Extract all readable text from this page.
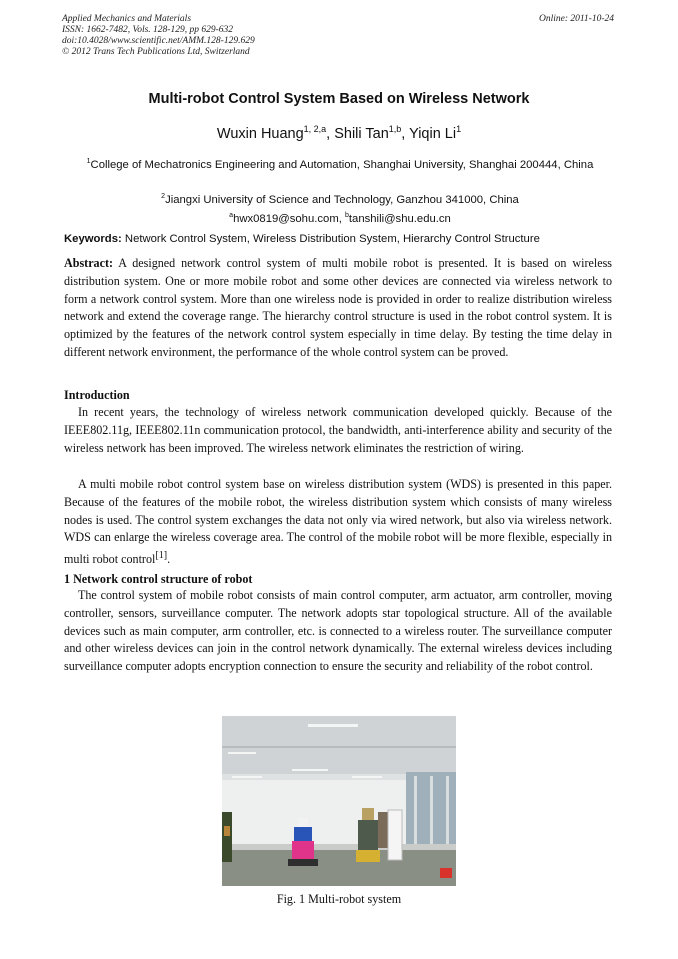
Applied Mechanics and Materials
ISSN: 1662-7482, Vols. 128-129, pp 629-632
doi:10.4028/www.scientific.net/AMM.128-129.629
© 2012 Trans Tech Publications Ltd, Switzerland
Online: 2011-10-24
Multi-robot Control System Based on Wireless Network
Wuxin Huang$^{1, 2,a}$, Shili Tan$^{1,b}$, Yiqin Li$^1$
$^1$College of Mechatronics Engineering and Automation, Shanghai University, Shanghai 200444, China
$^2$Jiangxi University of Science and Technology, Ganzhou 341000, China
$^a$hwx0819@sohu.com, $^b$tanshili@shu.edu.cn
Keywords: Network Control System, Wireless Distribution System, Hierarchy Control Structure

Abstract: A designed network control system of multi mobile robot is presented. It is based on wireless distribution system. One or more mobile robot and some other devices are connected via wireless network to form a network control system. More than one wireless node is provided in order to realize distribution wireless network and extend the coverage range. The hierarchy control structure is used in the robot control system. It is optimized by the features of the network control system especially in time delay. By testing the time delay in different network environment, the performance of the whole control system can be proved.

Introduction

In recent years, the technology of wireless network communication developed quickly. Because of the IEEE802.11g, IEEE802.11n communication protocol, the bandwidth, anti-interference ability and security of the wireless network has been improved. The wireless network eliminates the restriction of wiring.

A multi mobile robot control system base on wireless distribution system (WDS) is presented in this paper. Because of the features of the mobile robot, the wireless distribution system which consists of many wireless nodes is used. The control system exchanges the data not only via wired network, but also via wireless network. WDS can enlarge the wireless coverage area. The control of the mobile robot will be more flexible, especially in multi robot control[1].

1 Network control structure of robot

The control system of mobile robot consists of main control computer, arm actuator, arm controller, moving controller, sensors, surveillance computer. The network adopts star topological structure. All of the available devices such as main computer, arm controller, etc. is connected to a wireless router. The surveillance computer and other wireless devices can join in the control network dynamically. The external wireless devices including surveillance computer adopts encryption connection to ensure the security and reliability of the robot control.

Fig. 1 Multi-robot system
